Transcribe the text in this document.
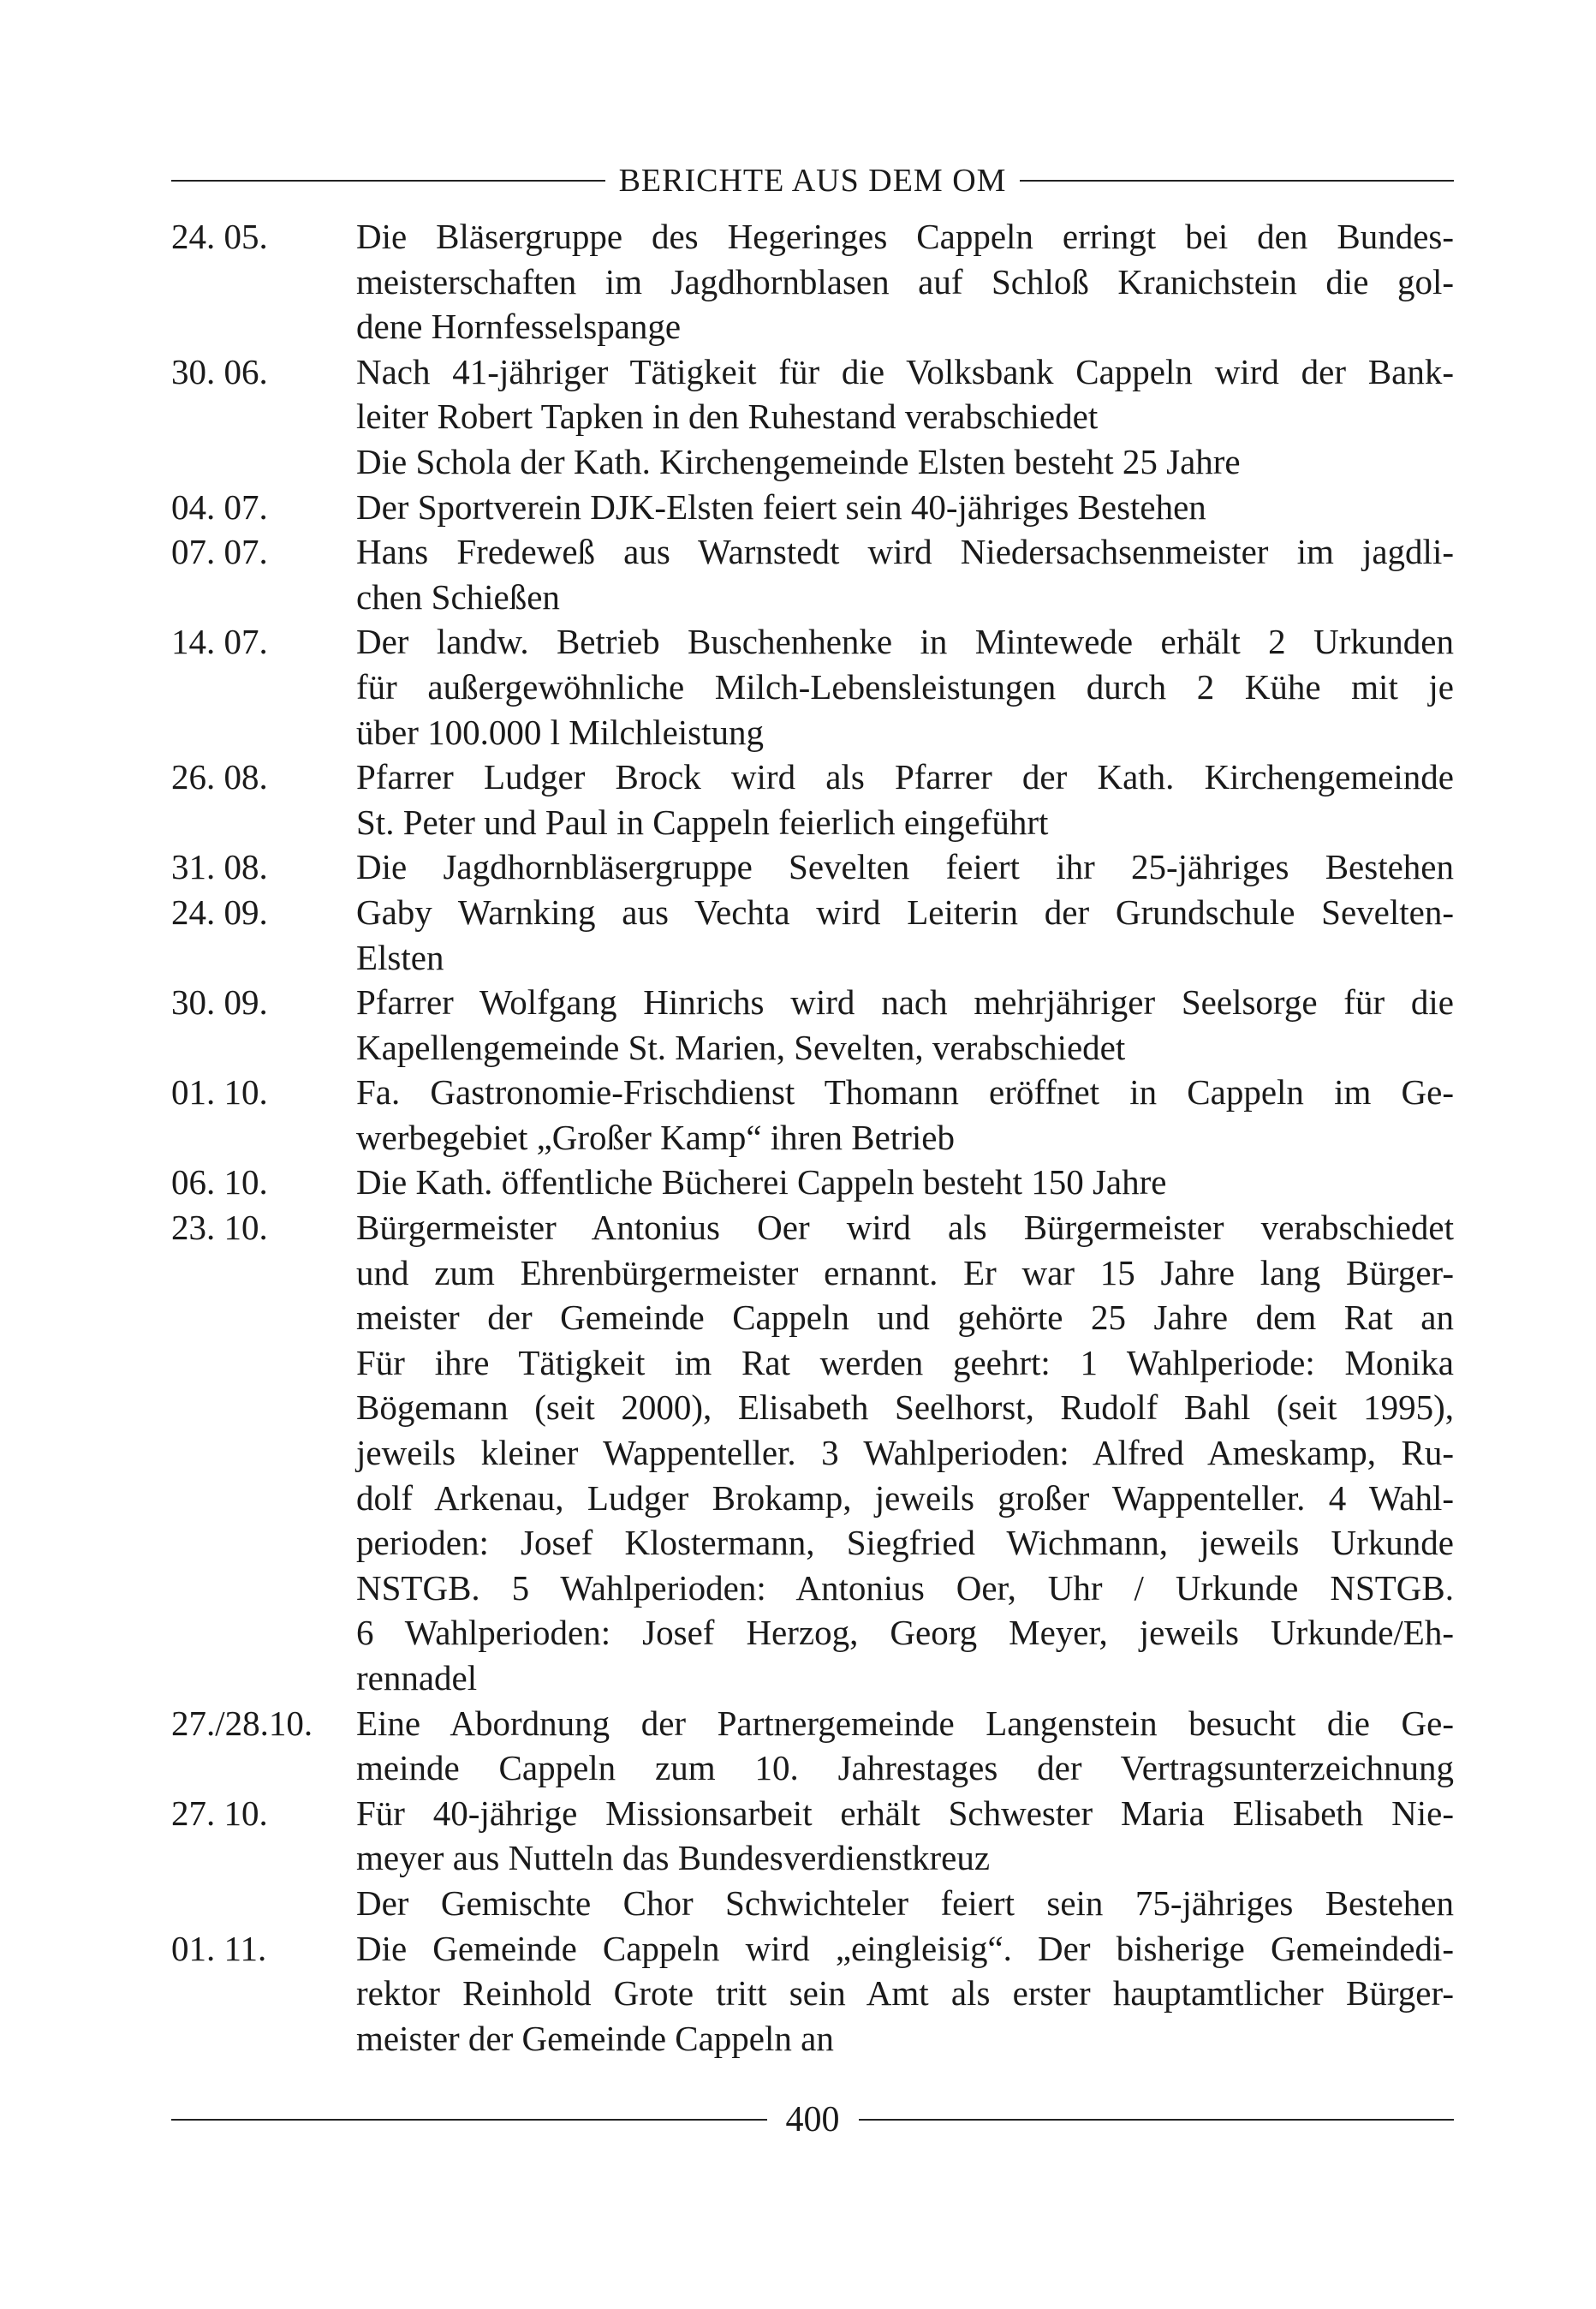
BERICHTE AUS DEM OM
24. 05.	Die Bläsergruppe des Hegeringes Cappeln erringt bei den Bundes-
meisterschaften im Jagdhornblasen auf Schloß Kranichstein die gol-
dene Hornfesselspange
30. 06.	Nach 41-jähriger Tätigkeit für die Volksbank Cappeln wird der Bank-
leiter Robert Tapken in den Ruhestand verabschiedet
Die Schola der Kath. Kirchengemeinde Elsten besteht 25 Jahre
04. 07.	Der Sportverein DJK-Elsten feiert sein 40-jähriges Bestehen
07. 07.	Hans Fredeweß aus Warnstedt wird Niedersachsenmeister im jagdli-
chen Schießen
14. 07.	Der landw. Betrieb Buschenhenke in Mintewede erhält 2 Urkunden
für außergewöhnliche Milch-Lebensleistungen durch 2 Kühe mit je
über 100.000 l Milchleistung
26. 08.	Pfarrer Ludger Brock wird als Pfarrer der Kath. Kirchengemeinde
St. Peter und Paul in Cappeln feierlich eingeführt
31. 08.	Die Jagdhornbläsergruppe Sevelten feiert ihr 25-jähriges Bestehen
24. 09.	Gaby Warnking aus Vechta wird Leiterin der Grundschule Sevelten-
Elsten
30. 09.	Pfarrer Wolfgang Hinrichs wird nach mehrjähriger Seelsorge für die
Kapellengemeinde St. Marien, Sevelten, verabschiedet
01. 10.	Fa. Gastronomie-Frischdienst Thomann eröffnet in Cappeln im Ge-
werbegebiet „Großer Kamp“ ihren Betrieb
06. 10.	Die Kath. öffentliche Bücherei Cappeln besteht 150 Jahre
23. 10.	Bürgermeister Antonius Oer wird als Bürgermeister verabschiedet
und zum Ehrenbürgermeister ernannt. Er war 15 Jahre lang Bürger-
meister der Gemeinde Cappeln und gehörte 25 Jahre dem Rat an
Für ihre Tätigkeit im Rat werden geehrt: 1 Wahlperiode: Monika
Bögemann (seit 2000), Elisabeth Seelhorst, Rudolf Bahl (seit 1995),
jeweils kleiner Wappenteller. 3 Wahlperioden: Alfred Ameskamp, Ru-
dolf Arkenau, Ludger Brokamp, jeweils großer Wappenteller. 4 Wahl-
perioden: Josef Klostermann, Siegfried Wichmann, jeweils Urkunde
NSTGB. 5 Wahlperioden: Antonius Oer, Uhr / Urkunde NSTGB.
6 Wahlperioden: Josef Herzog, Georg Meyer, jeweils Urkunde/Eh-
rennadel
27./28.10.	Eine Abordnung der Partnergemeinde Langenstein besucht die Ge-
meinde Cappeln zum 10. Jahrestages der Vertragsunterzeichnung
27. 10.	Für 40-jährige Missionsarbeit erhält Schwester Maria Elisabeth Nie-
meyer aus Nutteln das Bundesverdienstkreuz
Der Gemischte Chor Schwichteler feiert sein 75-jähriges Bestehen
01. 11.	Die Gemeinde Cappeln wird „eingleisig“. Der bisherige Gemeindedi-
rektor Reinhold Grote tritt sein Amt als erster hauptamtlicher Bürger-
meister der Gemeinde Cappeln an
400
